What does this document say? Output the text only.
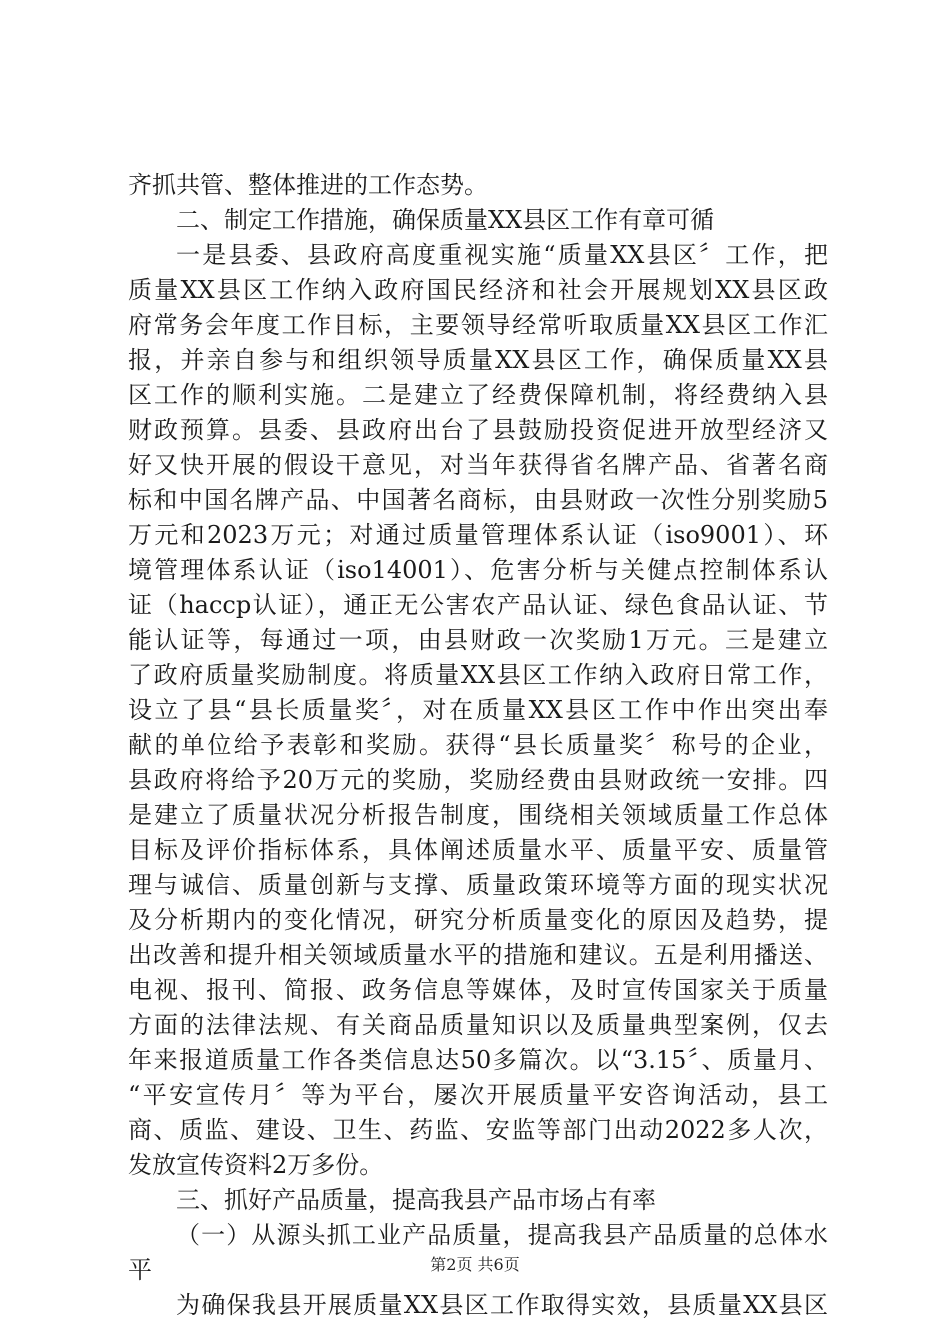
齐抓共管、整体推进的工作态势。
二、制定工作措施，确保质量XX县区工作有章可循
一是县委、县政府高度重视实施“质量XX县区〞工作，把
质量XX县区工作纳入政府国民经济和社会开展规划XX县区政
府常务会年度工作目标，主要领导经常听取质量XX县区工作汇
报，并亲自参与和组织领导质量XX县区工作，确保质量XX县
区工作的顺利实施。二是建立了经费保障机制，将经费纳入县
财政预算。县委、县政府出台了县鼓励投资促进开放型经济又
好又快开展的假设干意见，对当年获得省名牌产品、省著名商
标和中国名牌产品、中国著名商标，由县财政一次性分别奖励5
万元和2023万元；对通过质量管理体系认证（iso9001）、环
境管理体系认证（iso14001）、危害分析与关健点控制体系认
证（haccp认证），通正无公害农产品认证、绿色食品认证、节
能认证等，每通过一项，由县财政一次奖励1万元。三是建立
了政府质量奖励制度。将质量XX县区工作纳入政府日常工作，
设立了县“县长质量奖〞，对在质量XX县区工作中作出突出奉
献的单位给予表彰和奖励。获得“县长质量奖〞称号的企业，
县政府将给予20万元的奖励，奖励经费由县财政统一安排。四
是建立了质量状况分析报告制度，围绕相关领域质量工作总体
目标及评价指标体系，具体阐述质量水平、质量平安、质量管
理与诚信、质量创新与支撑、质量政策环境等方面的现实状况
及分析期内的变化情况，研究分析质量变化的原因及趋势，提
出改善和提升相关领域质量水平的措施和建议。五是利用播送、
电视、报刊、简报、政务信息等媒体，及时宣传国家关于质量
方面的法律法规、有关商品质量知识以及质量典型案例，仅去
年来报道质量工作各类信息达50多篇次。以“3.15〞、质量月、
“平安宣传月〞等为平台，屡次开展质量平安咨询活动，县工
商、质监、建设、卫生、药监、安监等部门出动2022多人次，
发放宣传资料2万多份。
三、抓好产品质量，提高我县产品市场占有率
（一）从源头抓工业产品质量，提高我县产品质量的总体水
平
为确保我县开展质量XX县区工作取得实效，县质量XX县区
第2页 共6页
